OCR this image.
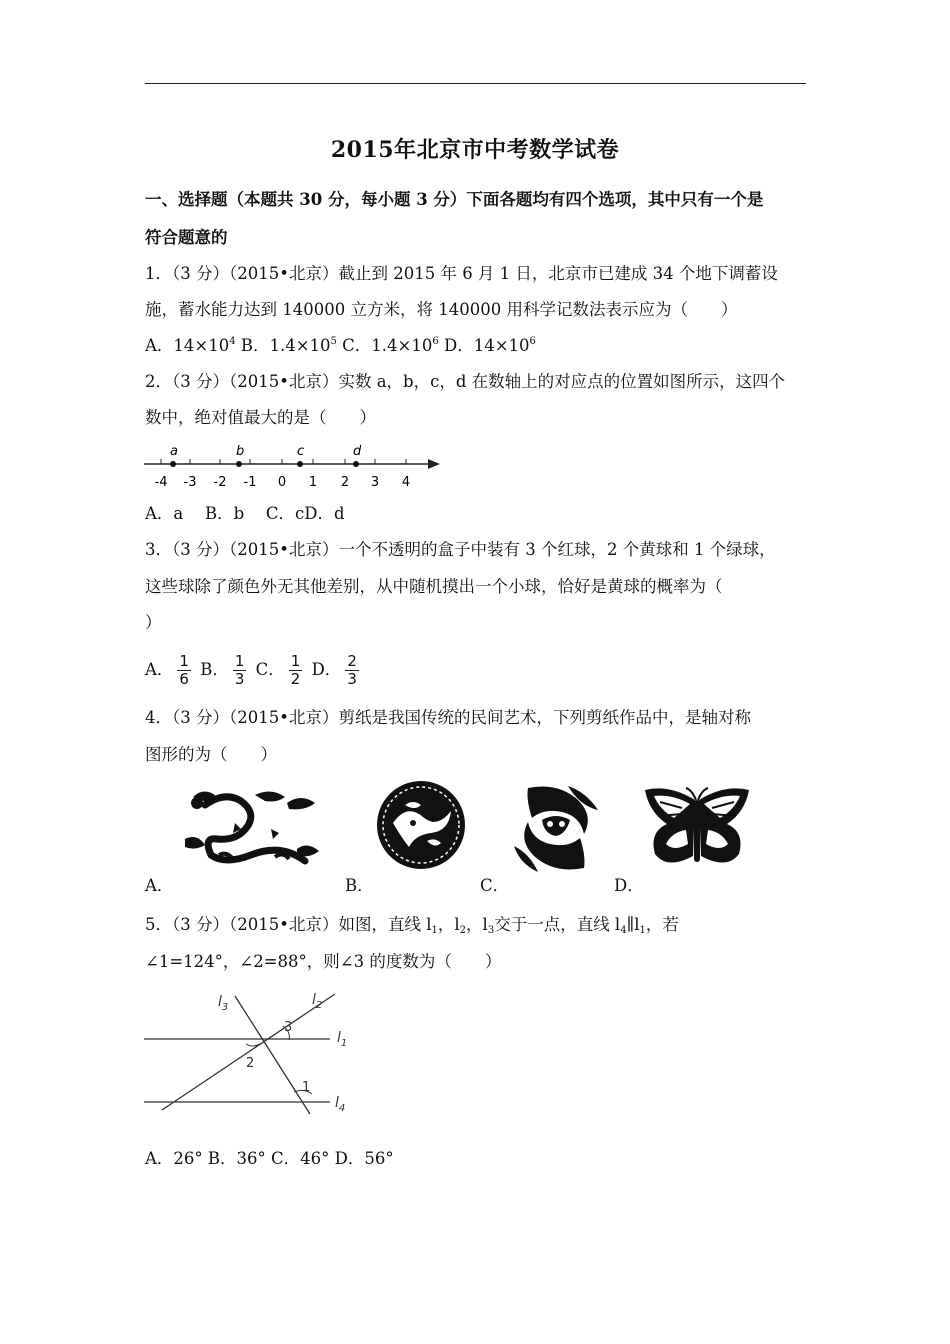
2015年北京市中考数学试卷
一、选择题（本题共 30 分，每小题 3 分）下面各题均有四个选项，其中只有一个是
符合题意的
1．（3 分）（2015•北京）截止到 2015 年 6 月 1 日，北京市已建成 34 个地下调蓄设
施，蓄水能力达到 140000 立方米，将 140000 用科学记数法表示应为（　　）
A．$14\times 10^4$ B．$1.4\times 10^5$ C．$1.4\times 10^6$ D．$14\times 10^6$
2．（3 分）（2015•北京）实数 a，b，c，d 在数轴上的对应点的位置如图所示，这四个
数中，绝对值最大的是（　　）
a	b	c	d
-4 -3 -2 -1 0 1 2 3 4
A．a　 B．b　 C．cD．d
3．（3 分）（2015•北京）一个不透明的盒子中装有 3 个红球，2 个黄球和 1 个绿球，
这些球除了颜色外无其他差别，从中随机摸出一个小球，恰好是黄球的概率为（
）
A． $\frac{1}{6}$ B． $\frac{1}{3}$ C． $\frac{1}{2}$ D． $\frac{2}{3}$
4．（3 分）（2015•北京）剪纸是我国传统的民间艺术，下列剪纸作品中，是轴对称
图形的为（　　）
A．	B．	C．	D．
5．（3 分）（2015•北京）如图，直线 $l_1$，$l_2$，$l_3$交于一点，直线 $l_4\parallel l_1$，若
∠1=124°，∠2=88°，则∠3 的度数为（　　）
$l_3$	$l_2$
$l_1$
$l_4$
1
2
3
A．26° B．36° C．46° D．56°
